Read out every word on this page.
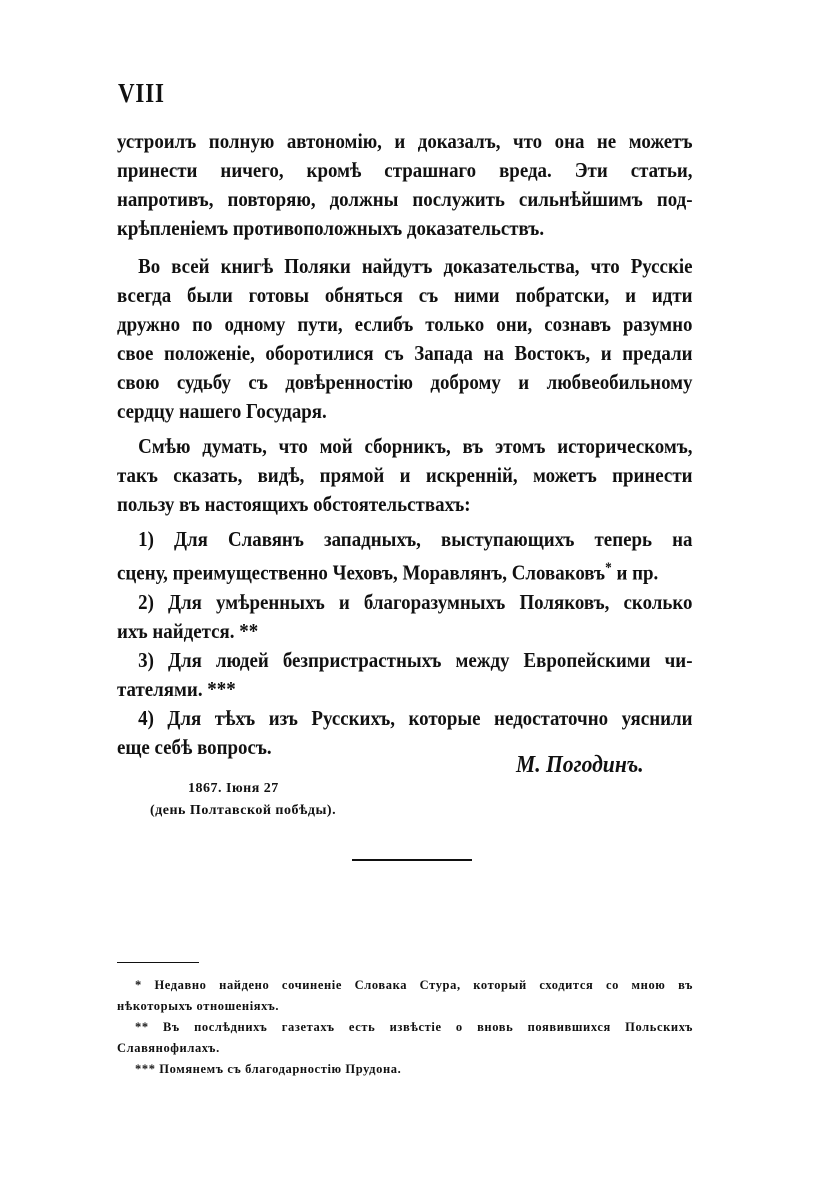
VIII
устроилъ полную автономію, и доказалъ, что она не можетъ
принести ничего, кромѣ страшнаго вреда. Эти статьи,
напротивъ, повторяю, должны послужить сильнѣйшимъ под-
крѣпленіемъ противоположныхъ доказательствъ.
Во всей книгѣ Поляки найдутъ доказательства, что Русскіе
всегда были готовы обняться съ ними побратски, и идти
дружно по одному пути, еслибъ только они, сознавъ разумно
свое положеніе, оборотилися съ Запада на Востокъ, и предали
свою судьбу съ довѣренностію доброму и любвеобильному
сердцу нашего Государя.
Смѣю думать, что мой сборникъ, въ этомъ историческомъ,
такъ сказать, видѣ, прямой и искренній, можетъ принести
пользу въ настоящихъ обстоятельствахъ:
1) Для Славянъ западныхъ, выступающихъ теперь на
сцену, преимущественно Чеховъ, Моравлянъ, Словаковъ* и пр.
2) Для умѣренныхъ и благоразумныхъ Поляковъ, сколько
ихъ найдется. **
3) Для людей безпристрастныхъ между Европейскими чи-
тателями. ***
4) Для тѣхъ изъ Русскихъ, которые недостаточно уяснили
еще себѣ вопросъ.
М. Погодинъ.
1867. Іюня 27
(день Полтавской побѣды).
* Недавно найдено сочиненіе Словака Стура, который сходится со мною въ
нѣкоторыхъ отношеніяхъ.
** Въ послѣднихъ газетахъ есть извѣстіе о вновь появившихся Польскихъ
Славянофилахъ.
*** Помянемъ съ благодарностію Прудона.
